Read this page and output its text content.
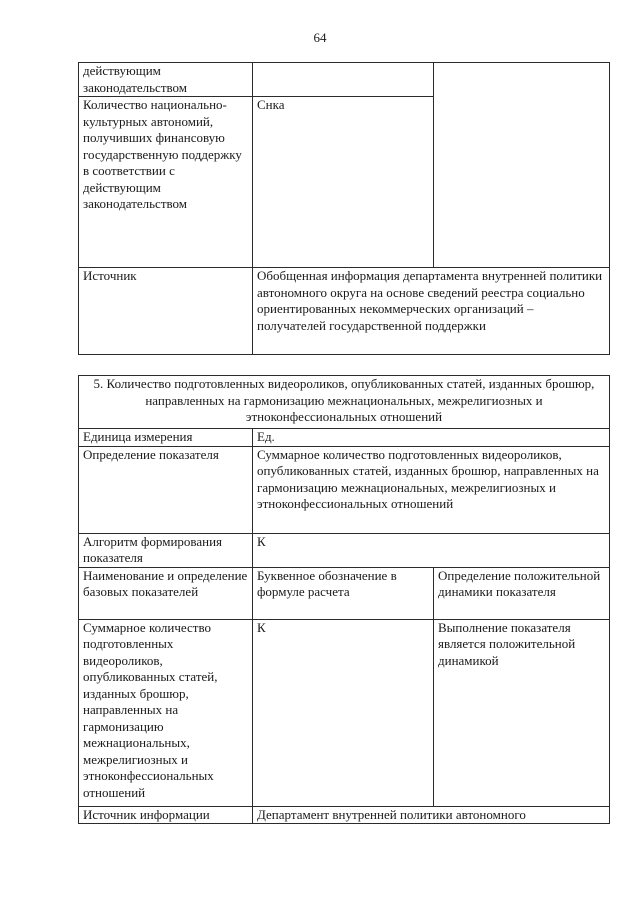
64
действующим законодательством		
Количество национально-культурных автономий, получивших финансовую государственную поддержку в соответствии с действующим законодательством	Снка	
Источник	Обобщенная информация департамента внутренней политики автономного округа на основе сведений реестра социально ориентированных некоммерческих организаций – получателей государственной поддержки	
5. Количество подготовленных видеороликов, опубликованных статей, изданных брошюр, направленных на гармонизацию межнациональных, межрелигиозных и этноконфессиональных отношений		
Единица измерения	Ед.	
Определение показателя	Суммарное количество подготовленных видеороликов, опубликованных статей, изданных брошюр, направленных на гармонизацию межнациональных, межрелигиозных и этноконфессиональных отношений	
Алгоритм формирования показателя	К	
Наименование и определение базовых показателей	Буквенное обозначение в формуле расчета	Определение положительной динамики показателя
Суммарное количество подготовленных видеороликов, опубликованных статей, изданных брошюр, направленных на гармонизацию межнациональных, межрелигиозных и этноконфессиональных отношений	К	Выполнение показателя является положительной динамикой
Источник информации	Департамент внутренней политики автономного	
